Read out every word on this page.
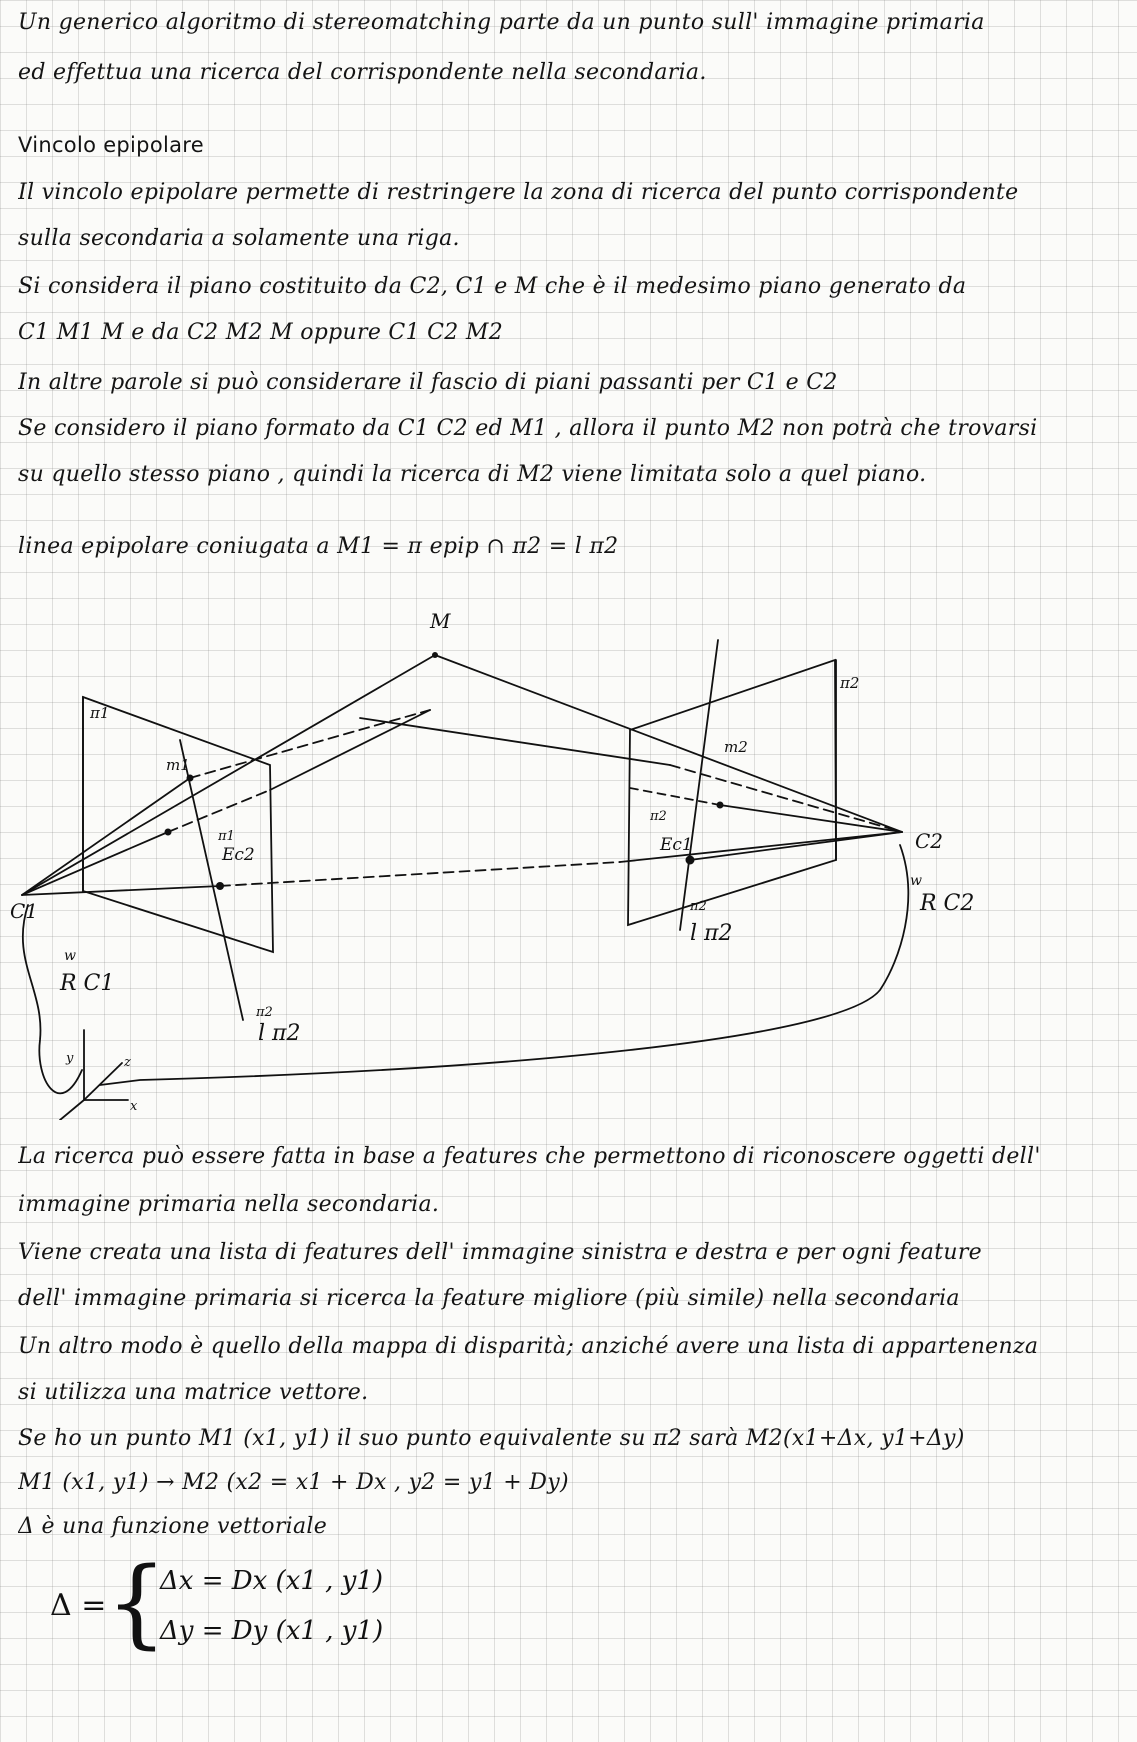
Un generico algoritmo di stereomatching parte da un punto sull' immagine primaria
ed effettua una ricerca del corrispondente nella secondaria.
Vincolo epipolare
Il vincolo epipolare permette di restringere la zona di ricerca del punto corrispondente
sulla secondaria a solamente una riga.
Si considera il piano costituito da C2, C1 e M che è il medesimo piano generato da
C1 M1 M e da C2 M2 M oppure C1 C2 M2
In altre parole si può considerare il fascio di piani passanti per C1 e C2
Se considero il piano formato da C1 C2 ed M1 , allora il punto M2 non potrà che trovarsi
su quello stesso piano , quindi la ricerca di M2 viene limitata solo a quel piano.
linea epipolare coniugata a M1 = π epip ∩ π2 = l π2
M
C1
C2
π1
π2
m1
m2
Ec2	Ec1
π1
π2
π2
π2
l π2
l π2
R C1
R C2
w
w
x
y	z
La ricerca può essere fatta in base a features che permettono di riconoscere oggetti dell'
immagine primaria nella secondaria.
Viene creata una lista di features dell' immagine sinistra e destra e per ogni feature
dell' immagine primaria si ricerca la feature migliore (più simile) nella secondaria
Un altro modo è quello della mappa di disparità; anziché avere una lista di appartenenza
si utilizza una matrice vettore.
Se ho un punto M1 (x1, y1) il suo punto equivalente su π2 sarà M2(x1+Δx, y1+Δy)
M1 (x1, y1) → M2 (x2 = x1 + Dx , y2 = y1 + Dy)
Δ è una funzione vettoriale
Δ = {
Δx = Dx (x1 , y1)
Δy = Dy (x1 , y1)
